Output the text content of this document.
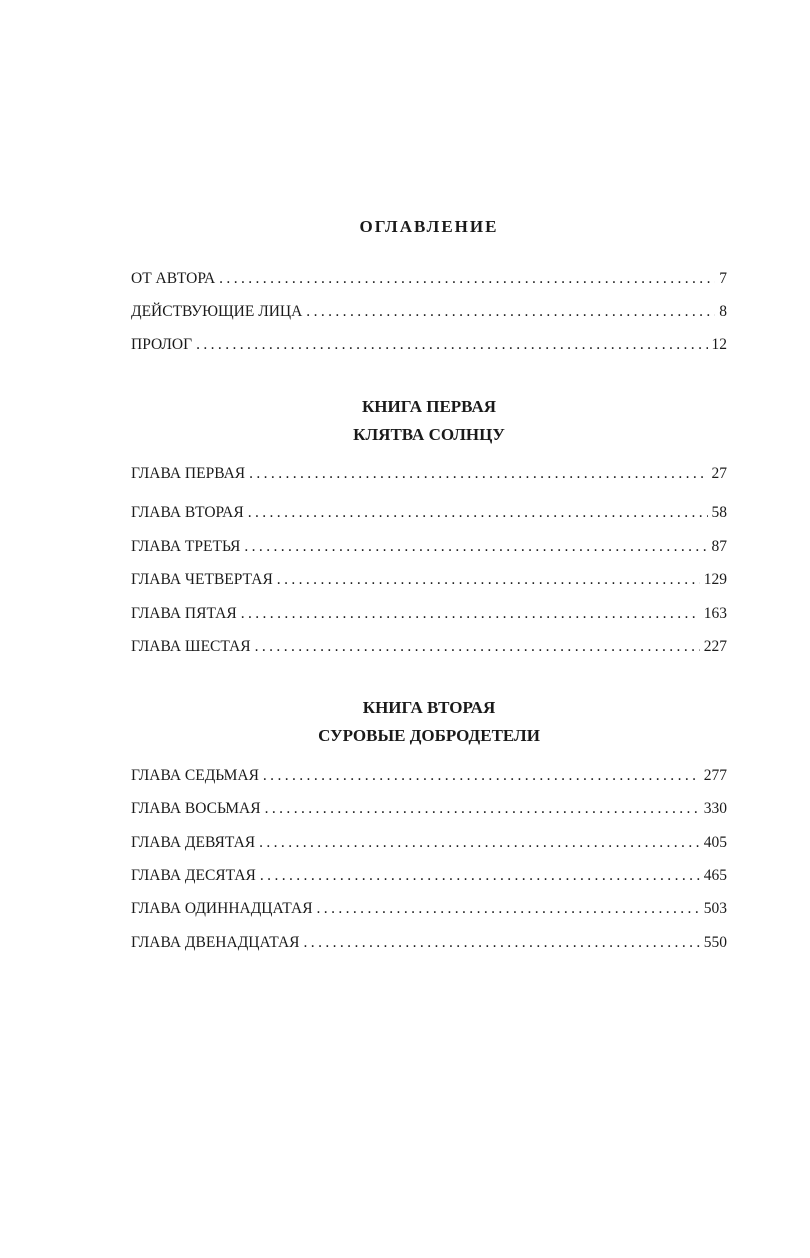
ОГЛАВЛЕНИЕ
ОТ АВТОРА .....	7
ДЕЙСТВУЮЩИЕ ЛИЦА .....	8
ПРОЛОГ .....	12
КНИГА ПЕРВАЯ
КЛЯТВА СОЛНЦУ
ГЛАВА ПЕРВАЯ .....	27
ГЛАВА ВТОРАЯ .....	58
ГЛАВА ТРЕТЬЯ .....	87
ГЛАВА ЧЕТВЕРТАЯ .....	129
ГЛАВА ПЯТАЯ .....	163
ГЛАВА ШЕСТАЯ .....	227
КНИГА ВТОРАЯ
СУРОВЫЕ ДОБРОДЕТЕЛИ
ГЛАВА СЕДЬМАЯ .....	277
ГЛАВА ВОСЬМАЯ .....	330
ГЛАВА ДЕВЯТАЯ .....	405
ГЛАВА ДЕСЯТАЯ .....	465
ГЛАВА ОДИННАДЦАТАЯ .....	503
ГЛАВА ДВЕНАДЦАТАЯ .....	550
